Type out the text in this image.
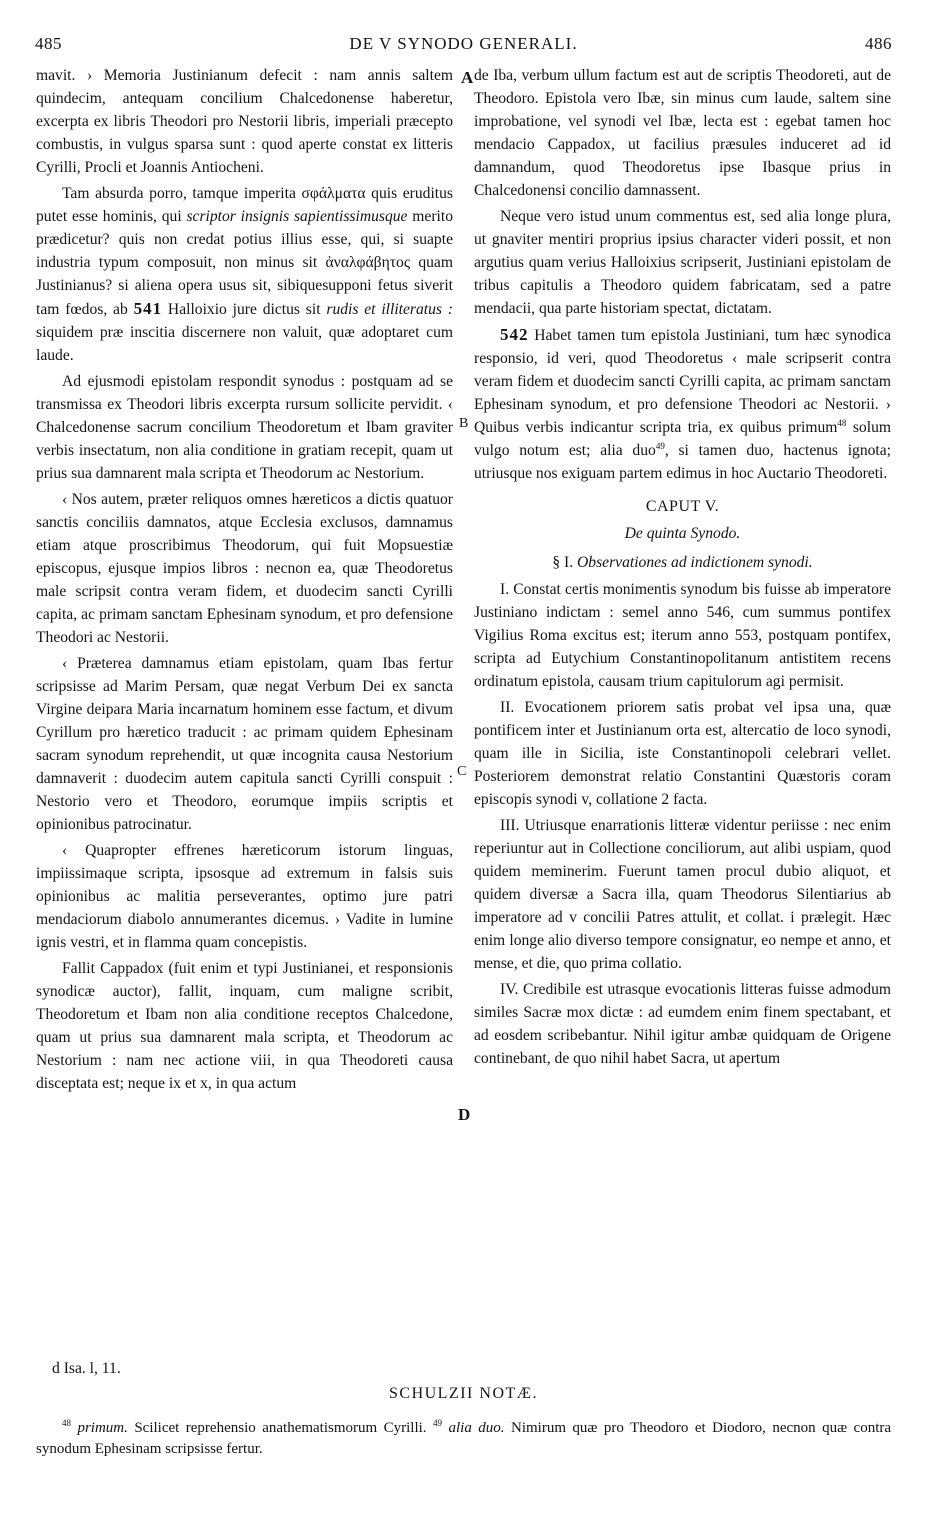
485	DE V SYNODO GENERALI.	486

mavit. › Memoria Justinianum defecit : nam annis saltem quindecim, antequam concilium Chalcedonense haberetur, excerpta ex libris Theodori pro Nestorii libris, imperiali præcepto combustis, in vulgus sparsa sunt : quod aperte constat ex litteris Cyrilli, Procli et Joannis Antiocheni.

Tam absurda porro, tamque imperita σφάλματα quis eruditus putet esse hominis, qui scriptor insignis sapientissimusque merito prædicetur? quis non credat potius illius esse, qui, si suapte industria typum composuit, non minus sit ἀναλφάβητος quam Justinianus? si aliena opera usus sit, sibiquesupponi fetus siverit tam fœdos, ab 541 Halloixio jure dictus sit rudis et illiteratus : siquidem præ inscitia discernere non valuit, quæ adoptaret cum laude.

Ad ejusmodi epistolam respondit synodus : postquam ad se transmissa ex Theodori libris excerpta rursum sollicite pervidit. ‹ Chalcedonense sacrum concilium Theodoretum et Ibam graviter verbis insectatum, non alia conditione in gratiam recepit, quam ut prius sua damnarent mala scripta et Theodorum ac Nestorium.

‹ Nos autem, præter reliquos omnes hæreticos a dictis quatuor sanctis conciliis damnatos, atque Ecclesia exclusos, damnamus etiam atque proscribimus Theodorum, qui fuit Mopsuestiæ episcopus, ejusque impios libros : necnon ea, quæ Theodoretus male scripsit contra veram fidem, et duodecim sancti Cyrilli capita, ac primam sanctam Ephesinam synodum, et pro defensione Theodori ac Nestorii.

‹ Præterea damnamus etiam epistolam, quam Ibas fertur scripsisse ad Marim Persam, quæ negat Verbum Dei ex sancta Virgine deipara Maria incarnatum hominem esse factum, et divum Cyrillum pro hæretico traducit : ac primam quidem Ephesinam sacram synodum reprehendit, ut quæ incognita causa Nestorium damnaverit : duodecim autem capitula sancti Cyrilli conspuit : Nestorio vero et Theodoro, eorumque impiis scriptis et opinionibus patrocinatur.

‹ Quapropter effrenes hæreticorum istorum linguas, impiissimaque scripta, ipsosque ad extremum in falsis suis opinionibus ac malitia perseverantes, optimo jure patri mendaciorum diabolo annumerantes dicemus. › Vadite in lumine ignis vestri, et in flamma quam concepistis.

Fallit Cappadox (fuit enim et typi Justinianei, et responsionis synodicæ auctor), fallit, inquam, cum maligne scribit, Theodoretum et Ibam non alia conditione receptos Chalcedone, quam ut prius sua damnarent mala scripta, et Theodorum ac Nestorium : nam nec actione viii, in qua Theodoreti causa disceptata est; neque ix et x, in qua actum

de Iba, verbum ullum factum est aut de scriptis Theodoreti, aut de Theodoro. Epistola vero Ibæ, sin minus cum laude, saltem sine improbatione, vel synodi vel Ibæ, lecta est : egebat tamen hoc mendacio Cappadox, ut facilius præsules induceret ad id damnandum, quod Theodoretus ipse Ibasque prius in Chalcedonensi concilio damnassent.

Neque vero istud unum commentus est, sed alia longe plura, ut gnaviter mentiri proprius ipsius character videri possit, et non argutius quam verius Halloixius scripserit, Justiniani epistolam de tribus capitulis a Theodoro quidem fabricatam, sed a patre mendacii, qua parte historiam spectat, dictatam.

542 Habet tamen tum epistola Justiniani, tum hæc synodica responsio, id veri, quod Theodoretus ‹ male scripserit contra veram fidem et duodecim sancti Cyrilli capita, ac primam sanctam Ephesinam synodum, et pro defensione Theodori ac Nestorii. › Quibus verbis indicantur scripta tria, ex quibus primum$^{48}$ solum vulgo notum est; alia duo$^{49}$, si tamen duo, hactenus ignota; utriusque nos exiguam partem edimus in hoc Auctario Theodoreti.

CAPUT V.

De quinta Synodo.

§ I. Observationes ad indictionem synodi.

I. Constat certis monimentis synodum bis fuisse ab imperatore Justiniano indictam : semel anno 546, cum summus pontifex Vigilius Roma excitus est; iterum anno 553, postquam pontifex, scripta ad Eutychium Constantinopolitanum antistitem recens ordinatum epistola, causam trium capitulorum agi permisit.

II. Evocationem priorem satis probat vel ipsa una, quæ pontificem inter et Justinianum orta est, altercatio de loco synodi, quam ille in Sicilia, iste Constantinopoli celebrari vellet. Posteriorem demonstrat relatio Constantini Quæstoris coram episcopis synodi v, collatione 2 facta.

III. Utriusque enarrationis litteræ videntur periisse : nec enim reperiuntur aut in Collectione conciliorum, aut alibi uspiam, quod quidem meminerim. Fuerunt tamen procul dubio aliquot, et quidem diversæ a Sacra illa, quam Theodorus Silentiarius ab imperatore ad v concilii Patres attulit, et collat. i prælegit. Hæc enim longe alio diverso tempore consignatur, eo nempe et anno, et mense, et die, quo prima collatio.

IV. Credibile est utrasque evocationis litteras fuisse admodum similes Sacræ mox dictæ : ad eumdem enim finem spectabant, et ad eosdem scribebantur. Nihil igitur ambæ quidquam de Origene continebant, de quo nihil habet Sacra, ut apertum

A
B
C
D
d Isa. l, 11.
SCHULZII NOTÆ.
$^{48}$ primum. Scilicet reprehensio anathematismorum Cyrilli. $^{49}$ alia duo. Nimirum quæ pro Theodoro et Diodoro, necnon quæ contra synodum Ephesinam scripsisse fertur.
